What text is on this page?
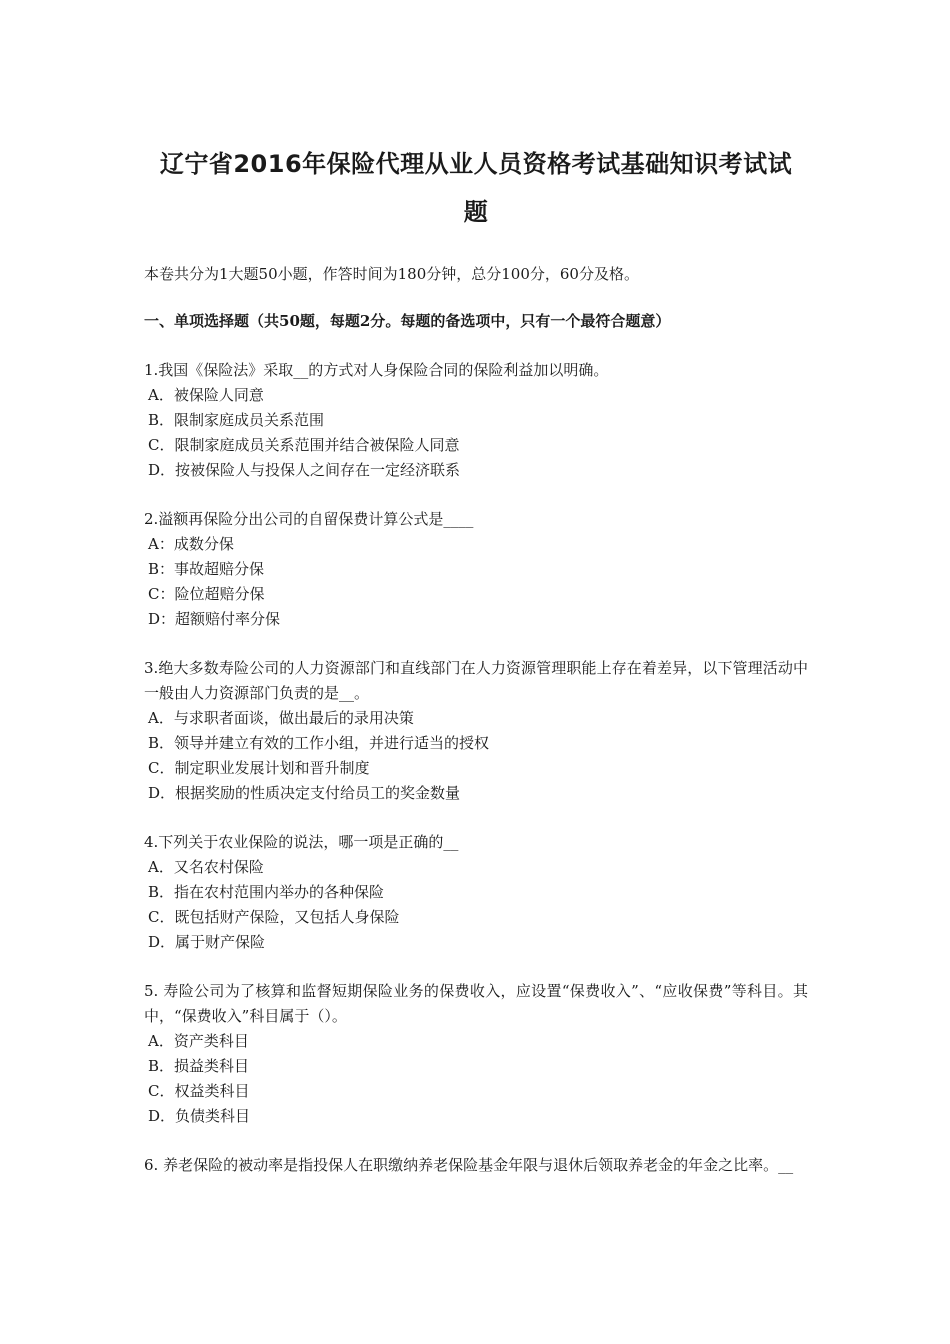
辽宁省2016年保险代理从业人员资格考试基础知识考试试
题
本卷共分为1大题50小题，作答时间为180分钟，总分100分，60分及格。
一、单项选择题（共50题，每题2分。每题的备选项中，只有一个最符合题意）
1.我国《保险法》采取__的方式对人身保险合同的保险利益加以明确。
A．被保险人同意
B．限制家庭成员关系范围
C．限制家庭成员关系范围并结合被保险人同意
D．按被保险人与投保人之间存在一定经济联系
2.溢额再保险分出公司的自留保费计算公式是____
A：成数分保
B：事故超赔分保
C：险位超赔分保
D：超额赔付率分保
3.绝大多数寿险公司的人力资源部门和直线部门在人力资源管理职能上存在着差异，以下管理活动中一般由人力资源部门负责的是__。
A．与求职者面谈，做出最后的录用决策
B．领导并建立有效的工作小组，并进行适当的授权
C．制定职业发展计划和晋升制度
D．根据奖励的性质决定支付给员工的奖金数量
4.下列关于农业保险的说法，哪一项是正确的__
A．又名农村保险
B．指在农村范围内举办的各种保险
C．既包括财产保险，又包括人身保险
D．属于财产保险
5. 寿险公司为了核算和监督短期保险业务的保费收入，应设置“保费收入”、“应收保费”等科目。其中，“保费收入”科目属于（）。
A．资产类科目
B．损益类科目
C．权益类科目
D．负债类科目
6. 养老保险的被动率是指投保人在职缴纳养老保险基金年限与退休后领取养老金的年金之比率。__
